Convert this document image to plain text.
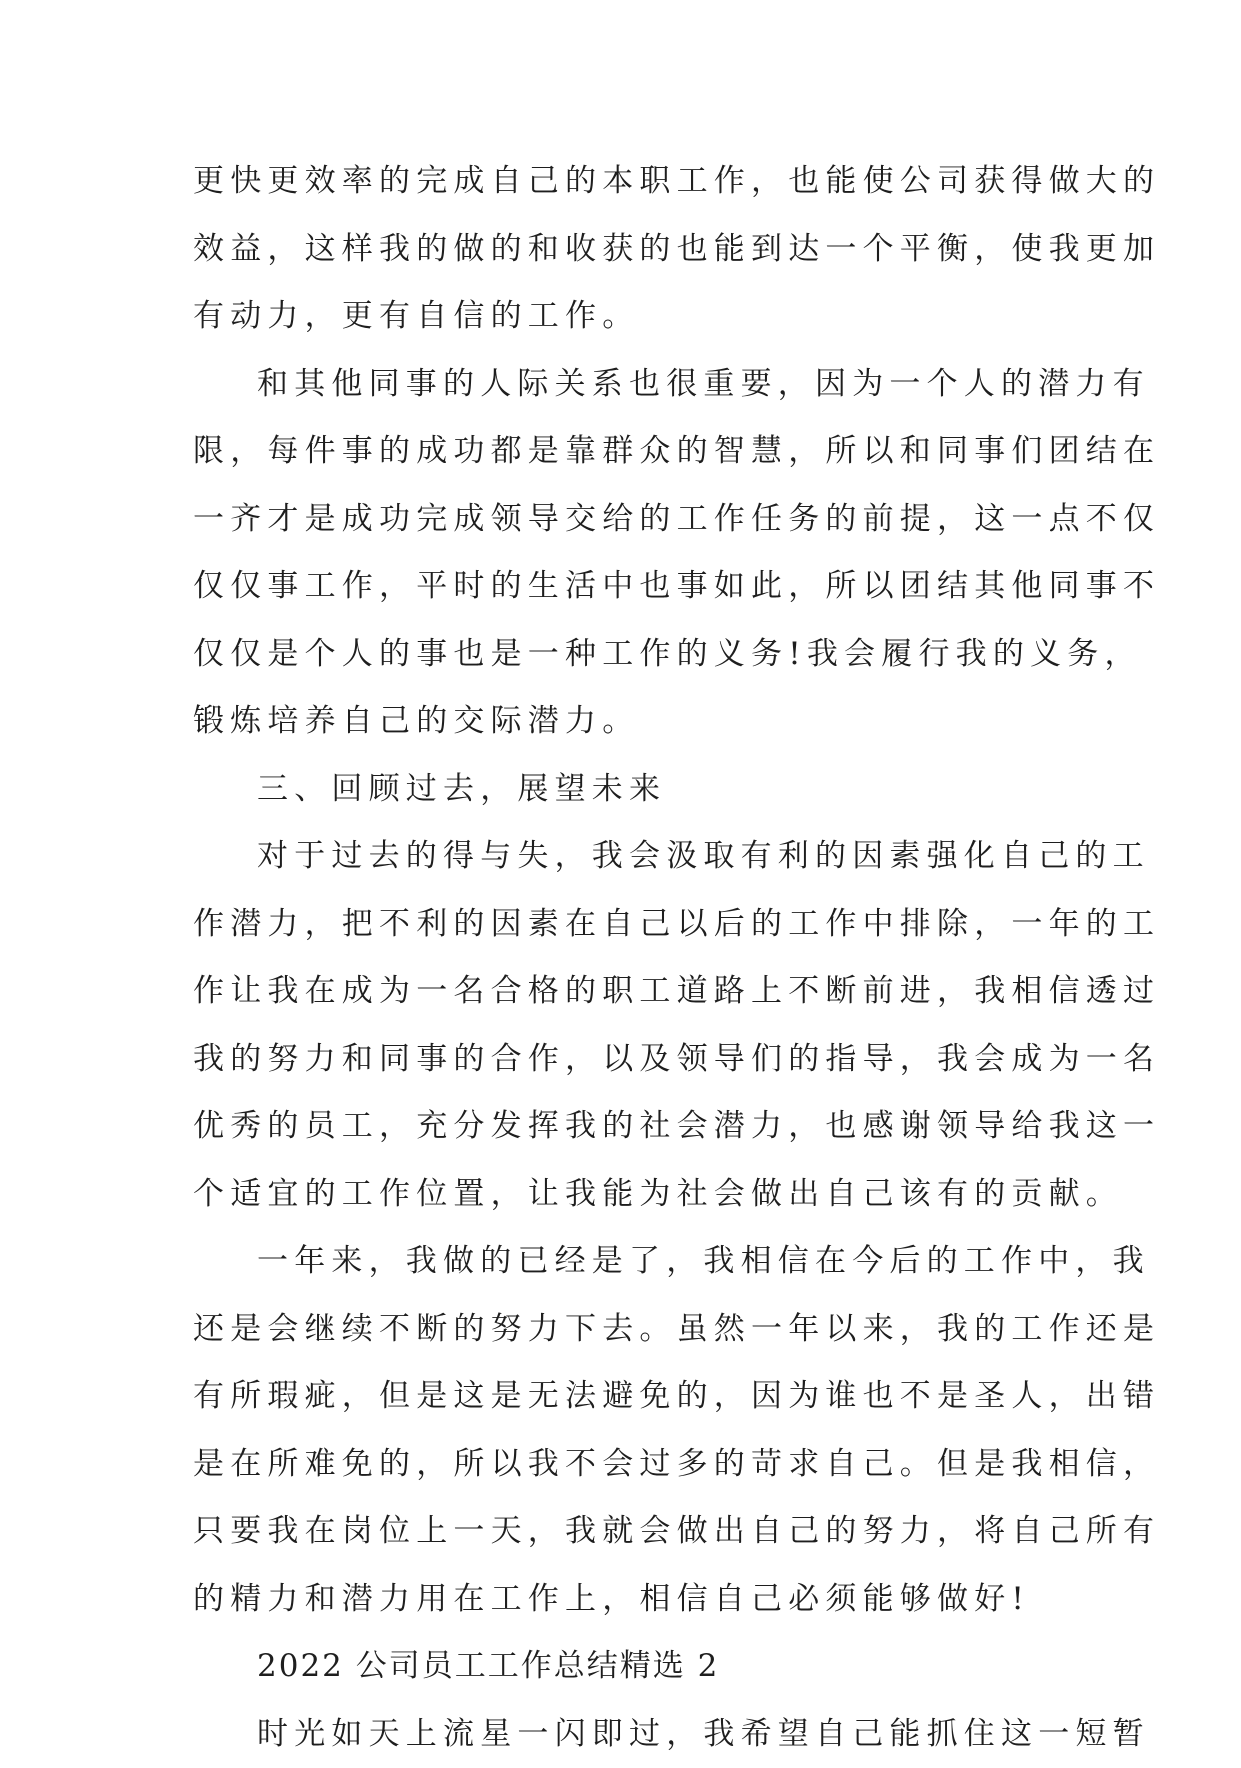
更快更效率的完成自己的本职工作，也能使公司获得做大的
效益，这样我的做的和收获的也能到达一个平衡，使我更加
有动力，更有自信的工作。
和其他同事的人际关系也很重要，因为一个人的潜力有
限，每件事的成功都是靠群众的智慧，所以和同事们团结在
一齐才是成功完成领导交给的工作任务的前提，这一点不仅
仅仅事工作，平时的生活中也事如此，所以团结其他同事不
仅仅是个人的事也是一种工作的义务!我会履行我的义务，
锻炼培养自己的交际潜力。
三、回顾过去，展望未来
对于过去的得与失，我会汲取有利的因素强化自己的工
作潜力，把不利的因素在自己以后的工作中排除，一年的工
作让我在成为一名合格的职工道路上不断前进，我相信透过
我的努力和同事的合作，以及领导们的指导，我会成为一名
优秀的员工，充分发挥我的社会潜力，也感谢领导给我这一
个适宜的工作位置，让我能为社会做出自己该有的贡献。
一年来，我做的已经是了，我相信在今后的工作中，我
还是会继续不断的努力下去。虽然一年以来，我的工作还是
有所瑕疵，但是这是无法避免的，因为谁也不是圣人，出错
是在所难免的，所以我不会过多的苛求自己。但是我相信，
只要我在岗位上一天，我就会做出自己的努力，将自己所有
的精力和潜力用在工作上，相信自己必须能够做好!
2022 公司员工工作总结精选 2
时光如天上流星一闪即过，我希望自己能抓住这一短暂
